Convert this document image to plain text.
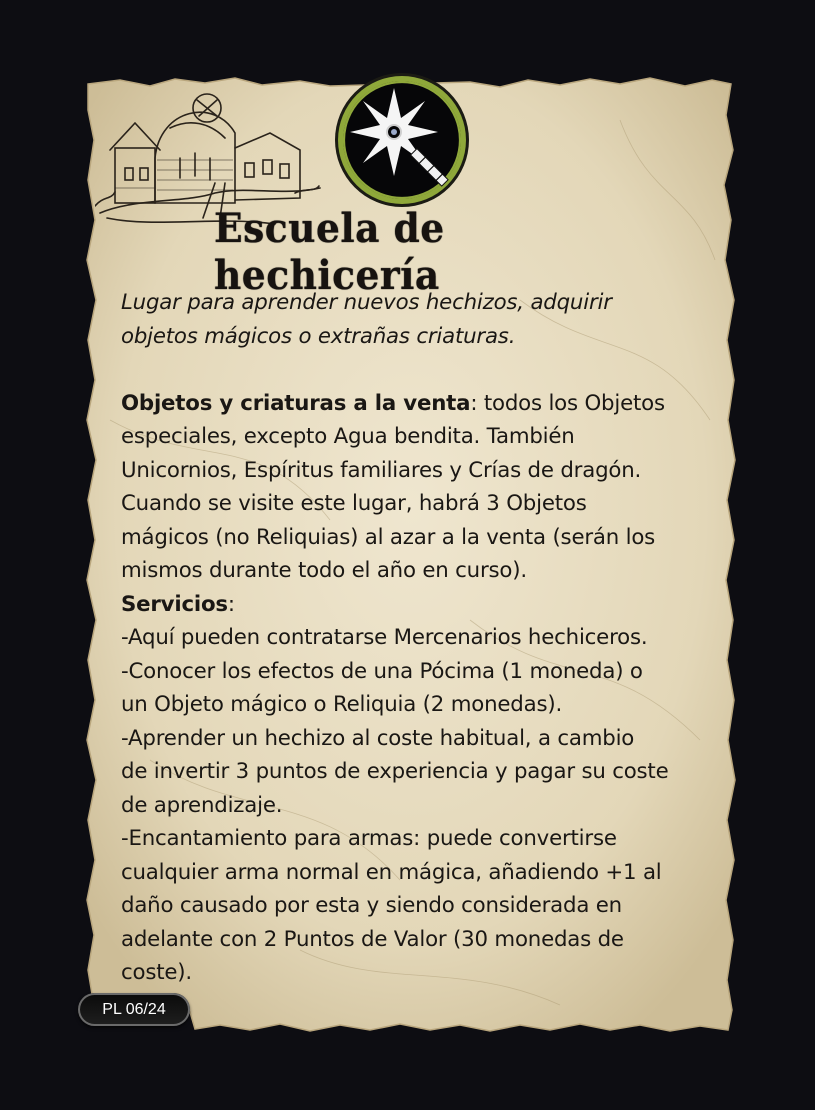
Escuela de hechicería
Lugar para aprender nuevos hechizos, adquirir
objetos mágicos o extrañas criaturas.
Objetos y criaturas a la venta: todos los Objetos
especiales, excepto Agua bendita. También
Unicornios, Espíritus familiares y Crías de dragón.
Cuando se visite este lugar, habrá 3 Objetos
mágicos (no Reliquias) al azar a la venta (serán los
mismos durante todo el año en curso).
Servicios:
-Aquí pueden contratarse Mercenarios hechiceros.
-Conocer los efectos de una Pócima (1 moneda) o
un Objeto mágico o Reliquia (2 monedas).
-Aprender un hechizo al coste habitual, a cambio
de invertir 3 puntos de experiencia y pagar su coste
de aprendizaje.
-Encantamiento para armas: puede convertirse
cualquier arma normal en mágica, añadiendo +1 al
daño causado por esta y siendo considerada en
adelante con 2 Puntos de Valor (30 monedas de
coste).
PL 06/24
